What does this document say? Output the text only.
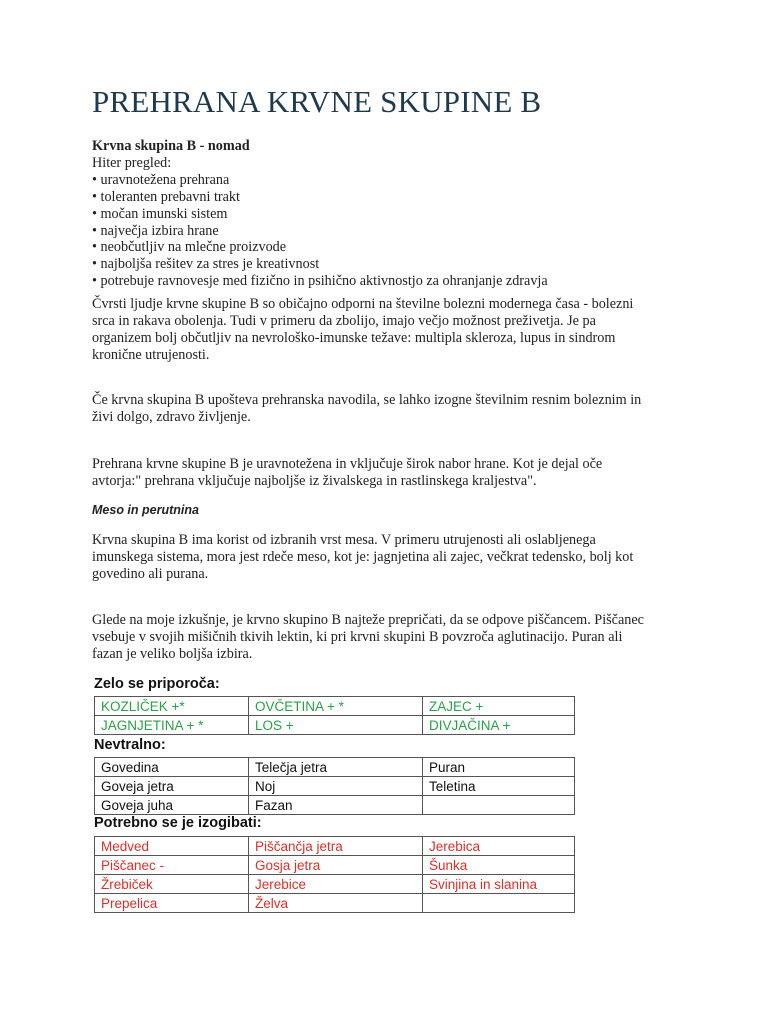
PREHRANA KRVNE SKUPINE B

Krvna skupina B - nomad

Hiter pregled:

• uravnotežena prehrana

• toleranten prebavni trakt

• močan imunski sistem

• največja izbira hrane

• neobčutljiv na mlečne proizvode

• najboljša rešitev za stres je kreativnost

• potrebuje ravnovesje med fizično in psihično aktivnostjo za ohranjanje zdravja

Čvrsti ljudje krvne skupine B so običajno odporni na številne bolezni modernega časa - bolezni

srca in rakava obolenja. Tudi v primeru da zbolijo, imajo večjo možnost preživetja. Je pa

organizem bolj občutljiv na nevrološko-imunske težave: multipla skleroza, lupus in sindrom

kronične utrujenosti.

Če krvna skupina B upošteva prehranska navodila, se lahko izogne številnim resnim boleznim in

živi dolgo, zdravo življenje.

Prehrana krvne skupine B je uravnotežena in vključuje širok nabor hrane. Kot je dejal oče

avtorja:" prehrana vključuje najboljše iz živalskega in rastlinskega kraljestva".

Meso in perutnina

Krvna skupina B ima korist od izbranih vrst mesa. V primeru utrujenosti ali oslabljenega

imunskega sistema, mora jest rdeče meso, kot je: jagnjetina ali zajec, večkrat tedensko, bolj kot

govedino ali purana.

Glede na moje izkušnje, je krvno skupino B najteže prepričati, da se odpove piščancem. Piščanec

vsebuje v svojih mišičnih tkivih lektin, ki pri krvni skupini B povzroča aglutinacijo. Puran ali

fazan je veliko boljša izbira.

Zelo se priporoča:

KOZLIČEK +*	OVČETINA + *	ZAJEC +
JAGNJETINA + *	LOS +	DIVJAČINA +

Nevtralno:

Govedina	Telečja jetra	Puran
Goveja jetra	Noj	Teletina
Goveja juha	Fazan	

Potrebno se je izogibati:

Medved	Piščančja jetra	Jerebica
Piščanec -	Gosja jetra	Šunka
Žrebiček	Jerebice	Svinjina in slanina
Prepelica	Želva	
